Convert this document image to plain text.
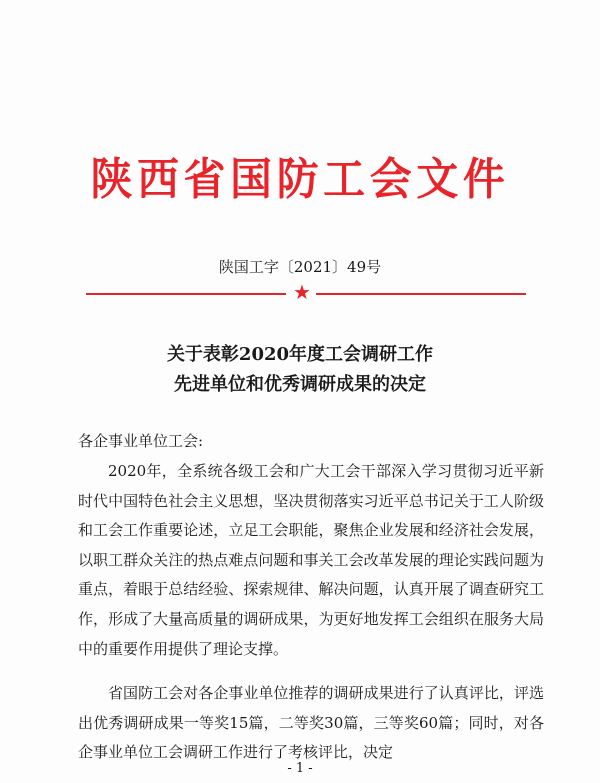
陕西省国防工会文件
陕国工字〔2021〕49号
★
关于表彰2020年度工会调研工作
先进单位和优秀调研成果的决定
各企事业单位工会:

2020年，全系统各级工会和广大工会干部深入学习贯彻习近平新时代中国特色社会主义思想，坚决贯彻落实习近平总书记关于工人阶级和工会工作重要论述，立足工会职能，聚焦企业发展和经济社会发展，以职工群众关注的热点难点问题和事关工会改革发展的理论实践问题为重点，着眼于总结经验、探索规律、解决问题，认真开展了调查研究工作，形成了大量高质量的调研成果，为更好地发挥工会组织在服务大局中的重要作用提供了理论支撑。

省国防工会对各企事业单位推荐的调研成果进行了认真评比，评选出优秀调研成果一等奖15篇，二等奖30篇，三等奖60篇；同时，对各企事业单位工会调研工作进行了考核评比，决定

- 1 -
